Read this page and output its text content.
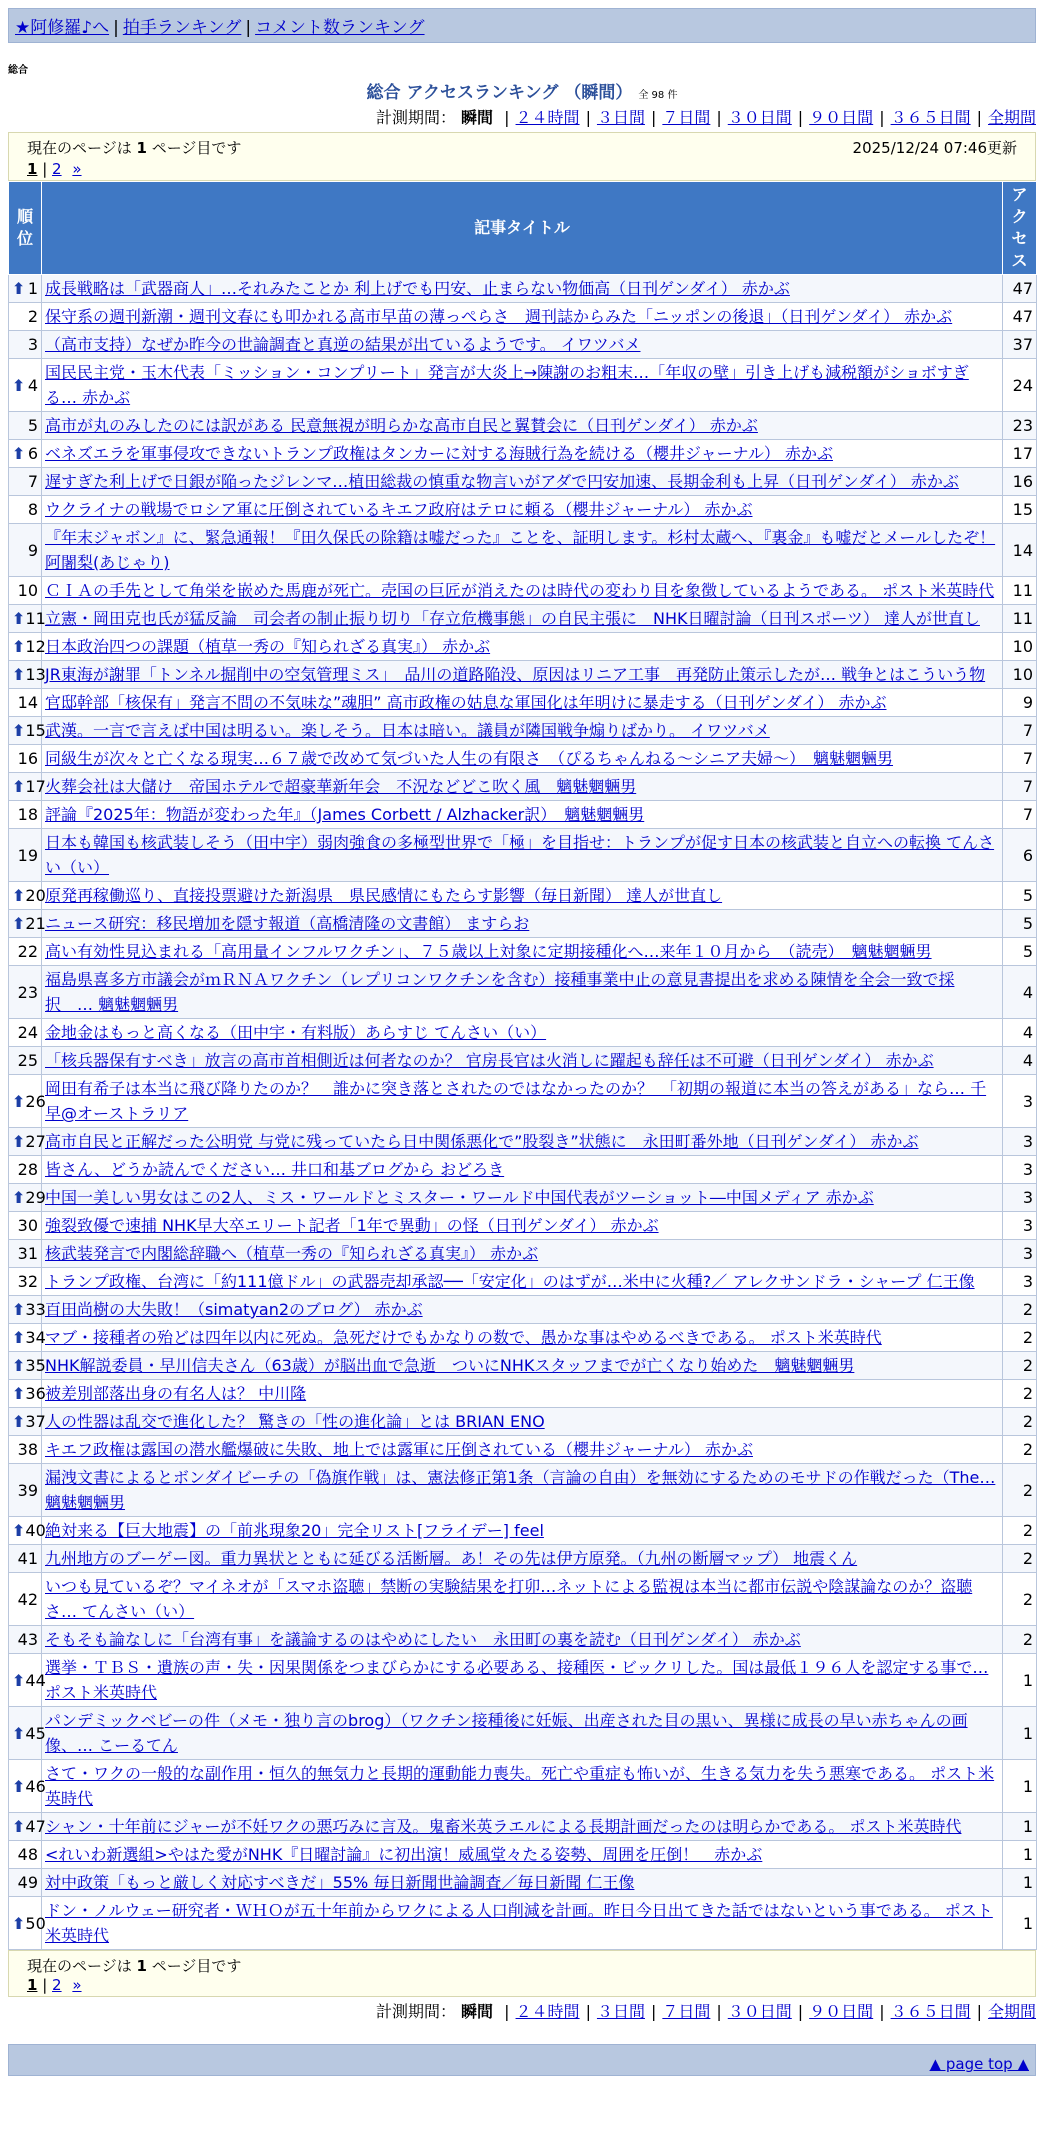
★阿修羅♪へ | 拍手ランキング | コメント数ランキング
総合
総合 アクセスランキング （瞬間） 全 98 件
計測期間： 瞬間 | ２４時間 | ３日間 | ７日間 | ３０日間 | ９０日間 | ３６５日間 | 全期間
現在のページは 1 ページ目です	2025/12/24 07:46更新
1 | 2 »
順位	記事タイトル	アクセス

⬆ 1	成長戦略は「武器商人」…それみたことか 利上げでも円安、止まらない物価高（日刊ゲンダイ） 赤かぶ	47
2	保守系の週刊新潮・週刊文春にも叩かれる高市早苗の薄っぺらさ　週刊誌からみた「ニッポンの後退」（日刊ゲンダイ） 赤かぶ	47
3	（高市支持）なぜか昨今の世論調査と真逆の結果が出ているようです。 イワツバメ	37

⬆ 4	国民民主党・玉木代表「ミッション・コンプリート」発言が大炎上→陳謝のお粗末…「年収の壁」引き上げも減税額がショボすぎる… 赤かぶ	24
5	高市が丸のみしたのには訳がある 民意無視が明らかな高市自民と翼賛会に（日刊ゲンダイ） 赤かぶ	23

⬆ 6	ベネズエラを軍事侵攻できないトランプ政権はタンカーに対する海賊行為を続ける（櫻井ジャーナル） 赤かぶ	17
7	遅すぎた利上げで日銀が陥ったジレンマ…植田総裁の慎重な物言いがアダで円安加速、長期金利も上昇（日刊ゲンダイ） 赤かぶ	16
8	ウクライナの戦場でロシア軍に圧倒されているキエフ政府はテロに頼る（櫻井ジャーナル） 赤かぶ	15
9	『年末ジャボン』に、緊急通報！『田久保氏の除籍は嘘だった』ことを、証明します。杉村太蔵へ、『裏金』も嘘だとメールしたぞ！ 阿闍梨(あじゃり)	14
10	ＣＩＡの手先として角栄を嵌めた馬鹿が死亡。売国の巨匠が消えたのは時代の変わり目を象徴しているようである。 ポスト米英時代	11

⬆ 11	立憲・岡田克也氏が猛反論　司会者の制止振り切り「存立危機事態」の自民主張に　NHK日曜討論（日刊スポーツ） 達人が世直し	11

⬆ 12	日本政治四つの課題（植草一秀の『知られざる真実』） 赤かぶ	10

⬆ 13	JR東海が謝罪「トンネル掘削中の空気管理ミス」　品川の道路陥没、原因はリニア工事　再発防止策示したが… 戦争とはこういう物	10
14	官邸幹部「核保有」発言不問の不気味な”魂胆” 高市政権の姑息な軍国化は年明けに暴走する（日刊ゲンダイ） 赤かぶ	9

⬆ 15	武漢。一言で言えば中国は明るい。楽しそう。日本は暗い。議員が隣国戦争煽りばかり。 イワツバメ	7
16	同級生が次々と亡くなる現実…６７歳で改めて気づいた人生の有限さ　（ぴるちゃんねる～シニア夫婦～）　魑魅魍魎男	7

⬆ 17	火葬会社は大儲け　帝国ホテルで超豪華新年会　不況などどこ吹く風　魑魅魍魎男	7
18	評論『2025年：物語が変わった年』（James Corbett / Alzhacker訳）　魑魅魍魎男	7
19	日本も韓国も核武装しそう（田中宇）弱肉強食の多極型世界で「極」を目指せ：トランプが促す日本の核武装と自立への転換 てんさい（い）	6

⬆ 20	原発再稼働巡り、直接投票避けた新潟県　県民感情にもたらす影響（毎日新聞） 達人が世直し	5

⬆ 21	ニュース研究：移民増加を隠す報道（高橋清隆の文書館） ますらお	5
22	高い有効性見込まれる「高用量インフルワクチン」、７５歳以上対象に定期接種化へ…来年１０月から　（読売）　魑魅魍魎男	5
23	福島県喜多方市議会がｍＲＮＡワクチン（レプリコンワクチンを含む）接種事業中止の意見書提出を求める陳情を全会一致で採択　… 魑魅魍魎男	4
24	金地金はもっと高くなる（田中宇・有料版）あらすじ てんさい（い）	4
25	「核兵器保有すべき」放言の高市首相側近は何者なのか？ 官房長官は火消しに躍起も辞任は不可避（日刊ゲンダイ） 赤かぶ	4

⬆ 26	岡田有希子は本当に飛び降りたのか？　誰かに突き落とされたのではなかったのか？　「初期の報道に本当の答えがある」なら… 千早@オーストラリア	3

⬆ 27	高市自民と正解だった公明党 与党に残っていたら日中関係悪化で”股裂き”状態に　永田町番外地（日刊ゲンダイ） 赤かぶ	3
28	皆さん、どうか読んでください… 井口和基ブログから おどろき	3

⬆ 29	中国一美しい男女はこの2人、ミス・ワールドとミスター・ワールド中国代表がツーショット―中国メディア 赤かぶ	3
30	強裂致優で速捕 NHK早大卒エリート記者「1年で異動」の怪（日刊ゲンダイ） 赤かぶ	3
31	核武装発言で内閣総辞職へ（植草一秀の『知られざる真実』） 赤かぶ	3
32	トランプ政権、台湾に「約111億ドル」の武器売却承認──「安定化」のはずが…米中に火種?／ アレクサンドラ・シャープ 仁王像	3

⬆ 33	百田尚樹の大失敗！（simatyan2のブログ） 赤かぶ	2

⬆ 34	マブ・接種者の殆どは四年以内に死ぬ。急死だけでもかなりの数で、愚かな事はやめるべきである。 ポスト米英時代	2

⬆ 35	NHK解説委員・早川信夫さん（63歳）が脳出血で急逝　ついにNHKスタッフまでが亡くなり始めた　魑魅魍魎男	2

⬆ 36	被差別部落出身の有名人は？ 中川隆	2

⬆ 37	人の性器は乱交で進化した？ 驚きの「性の進化論」とは BRIAN ENO	2
38	キエフ政権は露国の潜水艦爆破に失敗、地上では露軍に圧倒されている（櫻井ジャーナル） 赤かぶ	2
39	漏洩文書によるとボンダイビーチの「偽旗作戦」は、憲法修正第1条（言論の自由）を無効にするためのモサドの作戦だった（The… 魑魅魍魎男	2

⬆ 40	絶対来る【巨大地震】の「前兆現象20」完全リスト[フライデー] feel	2
41	九州地方のブーゲー図。重力異状とともに延びる活断層。あ！その先は伊方原発。（九州の断層マップ） 地震くん	2
42	いつも見ているぞ？マイネオが「スマホ盗聴」禁断の実験結果を打卯…ネットによる監視は本当に都市伝説や陰謀論なのか？盗聴さ… てんさい（い）	2
43	そもそも論なしに「台湾有事」を議論するのはやめにしたい　永田町の裏を読む（日刊ゲンダイ） 赤かぶ	2

⬆ 44	選挙・ＴＢＳ・遺族の声・失・因果関係をつまびらかにする必要ある、接種医・ビックリした。国は最低１９６人を認定する事で… ポスト米英時代	1

⬆ 45	パンデミックベビーの件（メモ・独り言のbrog）（ワクチン接種後に妊娠、出産された目の黒い、異様に成長の早い赤ちゃんの画像、… こーるてん	1

⬆ 46	さて・ワクの一般的な副作用・恒久的無気力と長期的運動能力喪失。死亡や重症も怖いが、生きる気力を失う悪寒である。 ポスト米英時代	1

⬆ 47	シャン・十年前にジャーが不妊ワクの悪巧みに言及。鬼畜米英ラエルによる長期計画だったのは明らかである。 ポスト米英時代	1
48	<れいわ新選組>やはた愛がNHK『日曜討論』に初出演！威風堂々たる姿勢、周囲を圧倒！　赤かぶ	1
49	対中政策「もっと厳しく対応すべきだ」55% 毎日新聞世論調査／毎日新聞 仁王像	1

⬆ 50	ドン・ノルウェー研究者・ＷＨＯが五十年前からワクによる人口削減を計画。昨日今日出てきた話ではないという事である。 ポスト米英時代	1
現在のページは 1 ページ目です
1 | 2 »
計測期間： 瞬間 | ２４時間 | ３日間 | ７日間 | ３０日間 | ９０日間 | ３６５日間 | 全期間
▲ page top ▲
